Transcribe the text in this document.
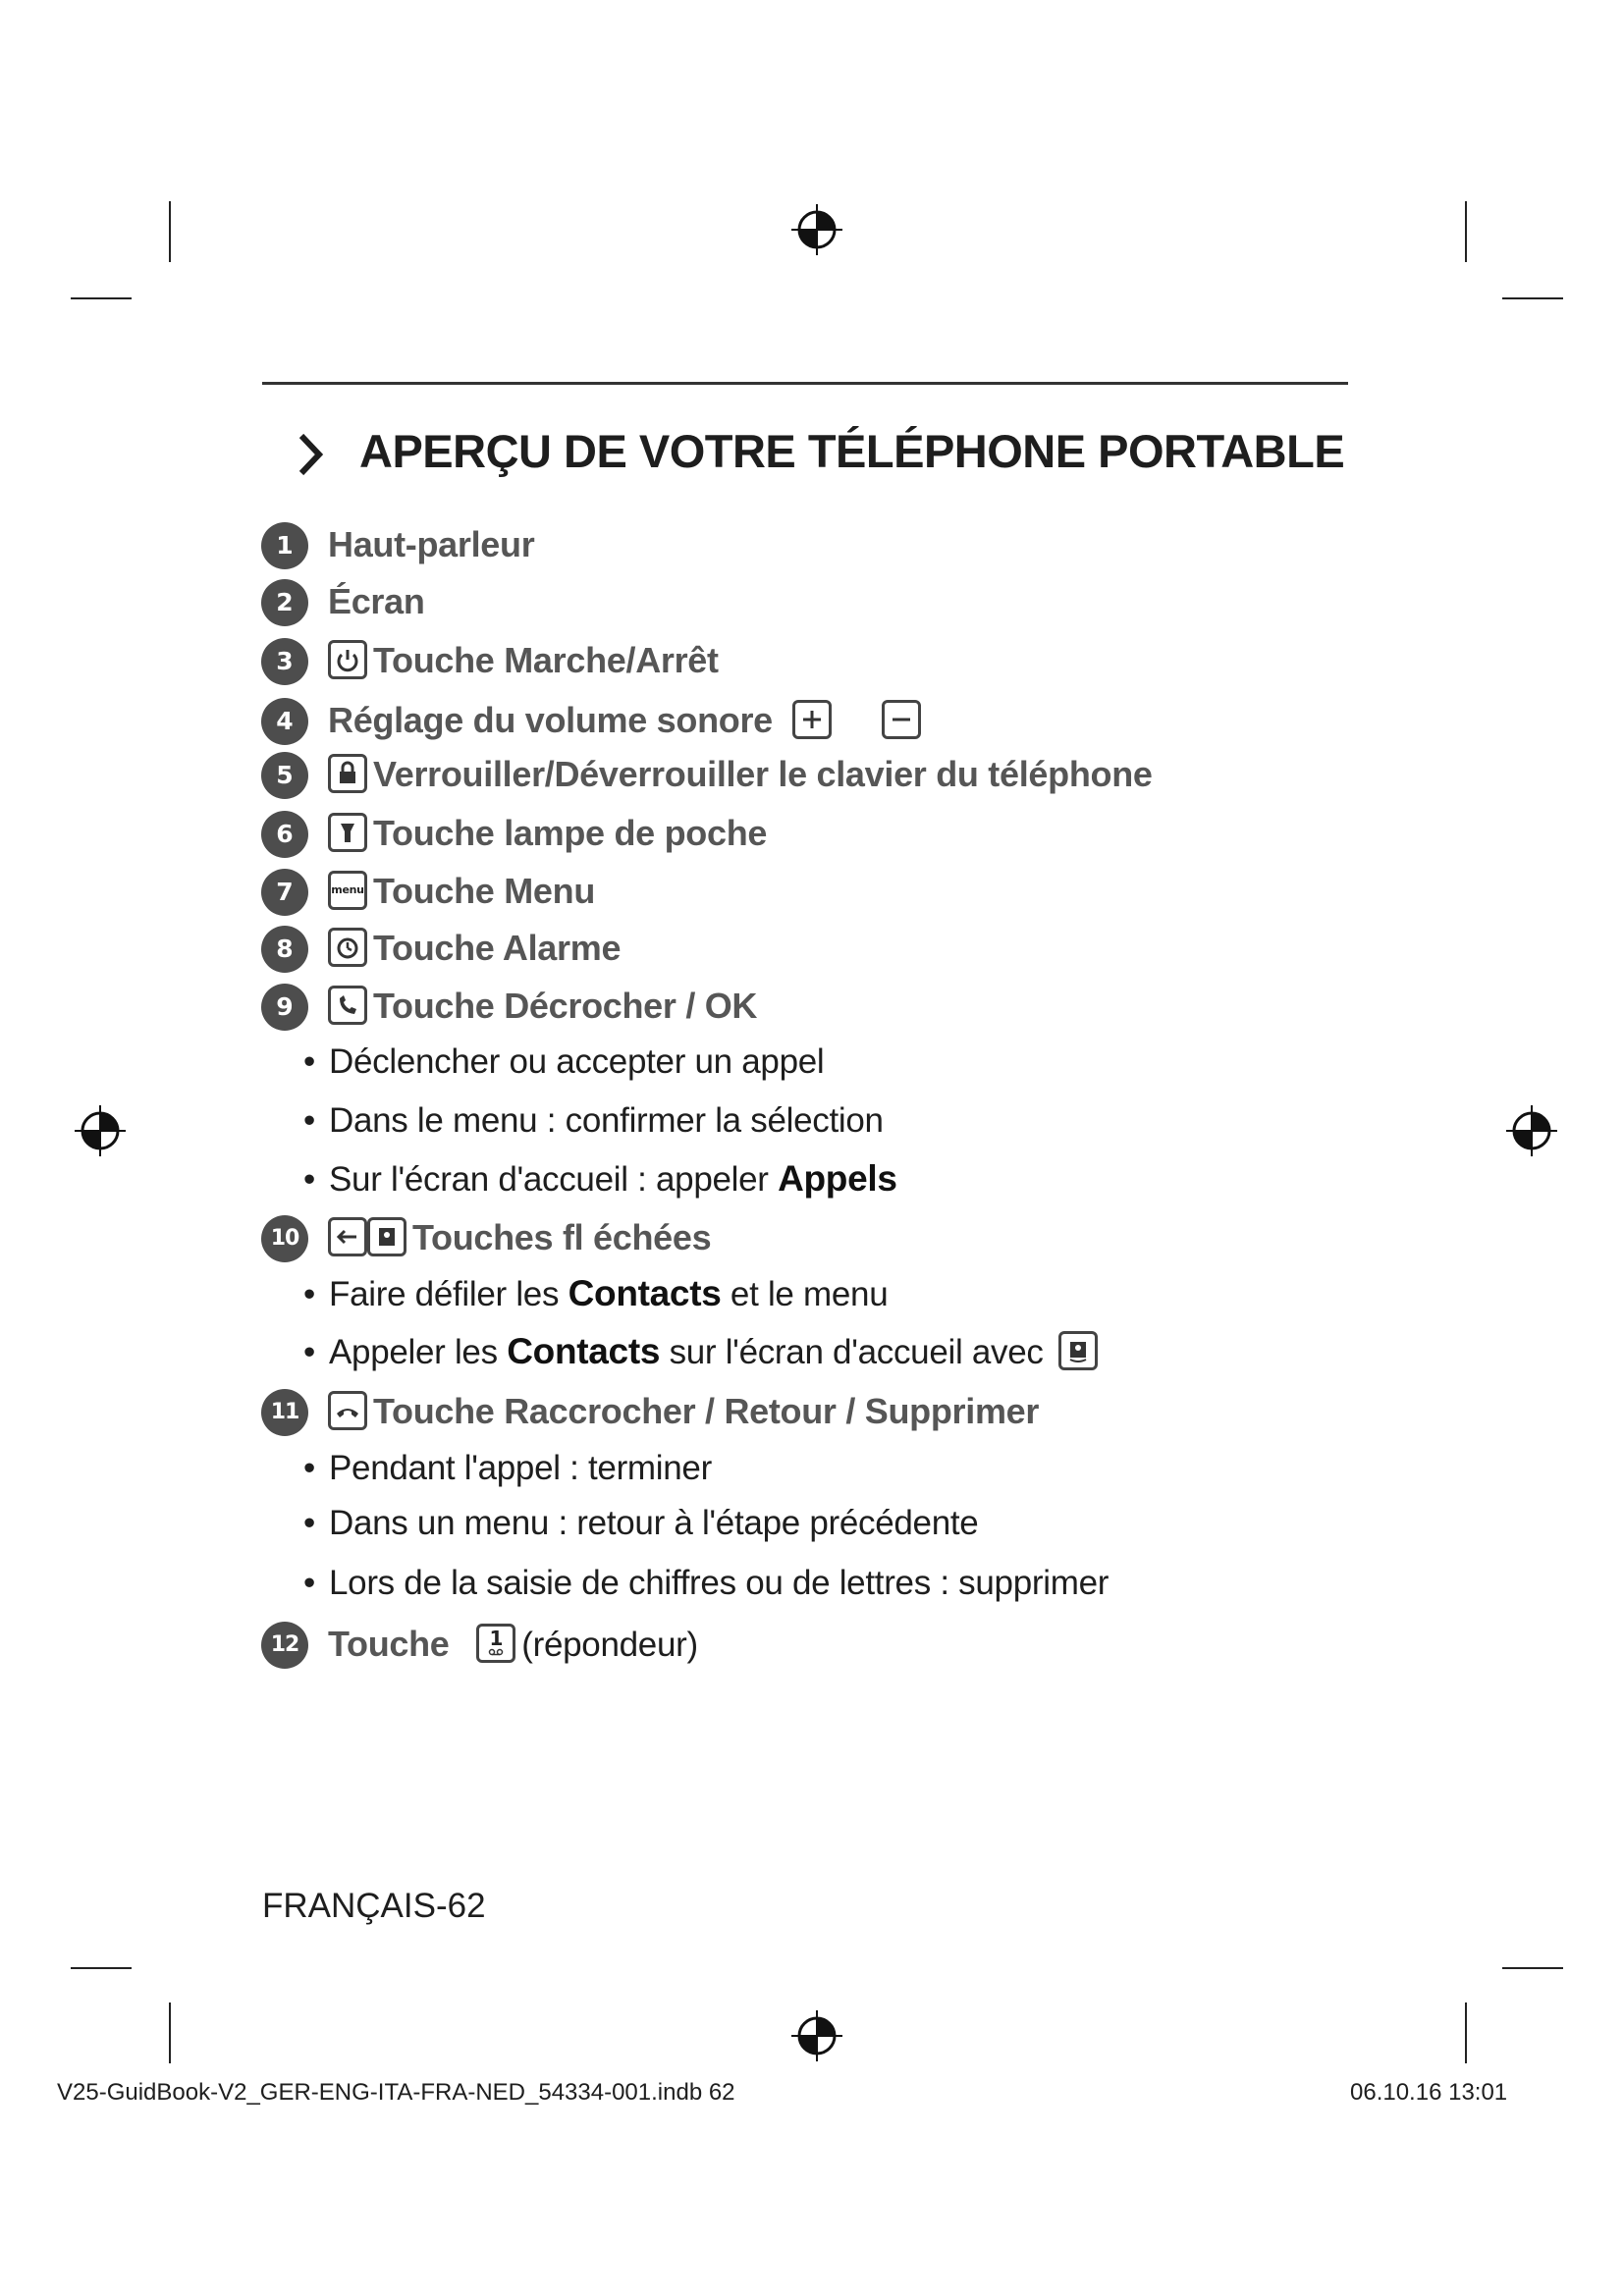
APERÇU DE VOTRE TÉLÉPHONE PORTABLE
1 Haut-parleur
2 Écran
3	Touche Marche/Arrêt
4 Réglage du volume sonore

5	Verrouiller/Déverrouiller le clavier du téléphone
6	Touche lampe de poche
7	menu Touche Menu
8	Touche Alarme
9	Touche Décrocher / OK
• Déclencher ou accepter un appel
• Dans le menu : confirmer la sélection
• Sur l'écran d'accueil : appeler Appels
10	Touches fl échées
• Faire défiler les Contacts et le menu
• Appeler les Contacts sur l'écran d'accueil avec
11	Touche Raccrocher / Retour / Supprimer
• Pendant l'appel : terminer
• Dans un menu : retour à l'étape précédente
• Lors de la saisie de chiffres ou de lettres : supprimer
12 Touche 1 (répondeur)
FRANÇAIS-62
V25-GuidBook-V2_GER-ENG-ITA-FRA-NED_54334-001.indb 62	06.10.16 13:01
